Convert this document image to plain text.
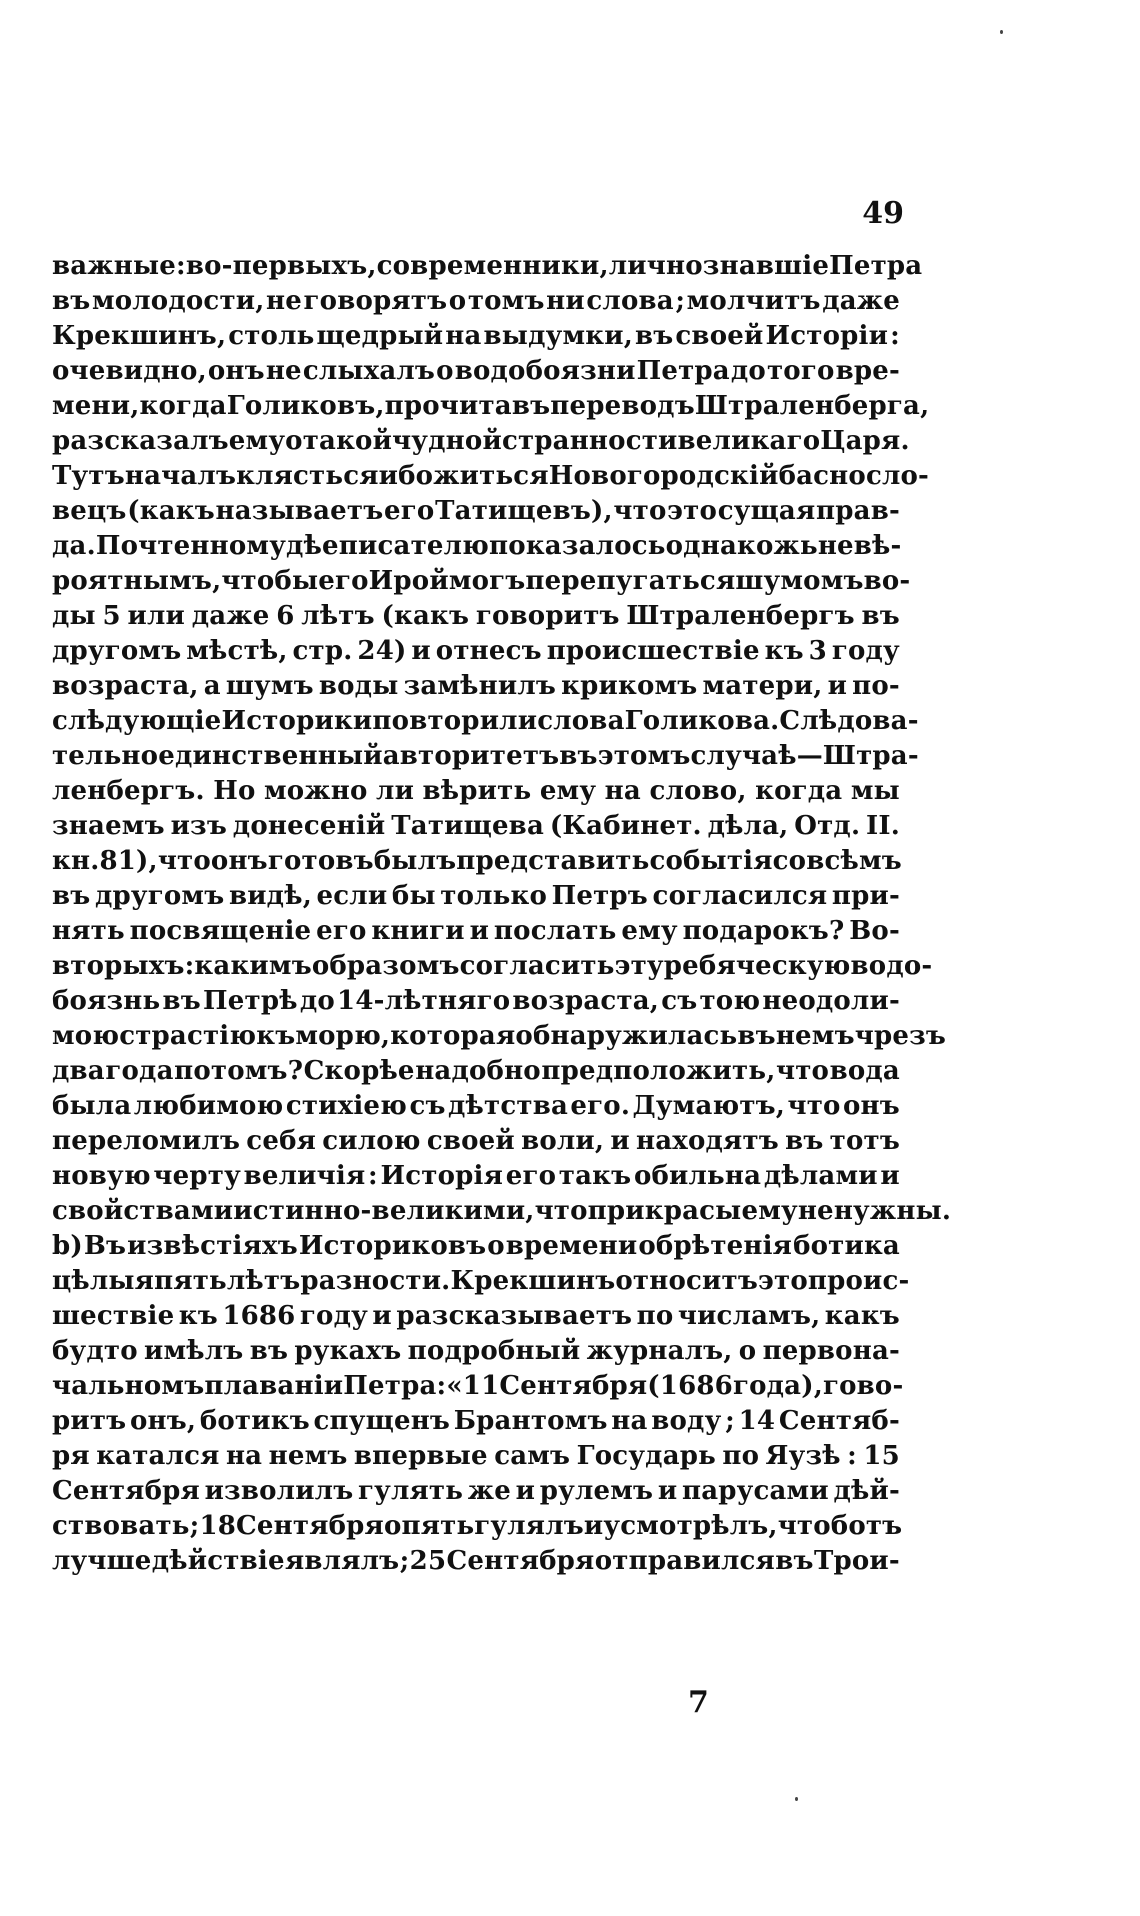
49
важные : во-первыхъ, современники, лично знавшіе Петра
въ молодости, не говорятъ о томъ ни слова ; молчитъ даже
Крекшинъ, столь щедрый на выдумки, въ своей Исторіи :
очевидно, онъ не слыхалъ о водобоязни Петра до того вре-
мени, когда Голиковъ, прочитавъ переводъ Штраленберга,
разсказалъ ему о такой чудной странности великаго Царя.
Тутъ началъ клясться и божиться Новогородскій баснослο-
вецъ (какъ называетъ его Татищевъ), что это сущая прав-
да. Почтенному дѣеписателю показалось однакожь невѣ-
роятнымъ, чтобы его Ирой могъ перепугаться шумомъ во-
ды 5 или даже 6 лѣтъ (какъ говоритъ Штраленбергъ въ
другомъ мѣстѣ, стр. 24) и отнесъ происшествіе къ 3 году
возраста, а шумъ воды замѣнилъ крикомъ матери, и по-
слѣдующіе Историки повторили слова Голикова. Слѣдова-
тельно единственный авторитетъ въ этомъ случаѣ— Штра-
ленбергъ. Но можно ли вѣрить ему на слово, когда мы
знаемъ изъ донесеній Татищева (Кабинет. дѣла, Отд. II.
кн. 81), что онъ готовъ былъ представить событія совсѣмъ
въ другомъ видѣ, если бы только Петръ согласился при-
нять посвященіе его книги и послать ему подарокъ? Во-
вторыхъ : какимъ образомъ согласить эту ребяческую водо-
боязнь въ Петрѣ до 14-лѣтняго возраста, съ тою неодоли-
мою страстію къ морю, которая обнаружилась въ немъ чрезъ
два года потомъ? Скорѣе надобно предположить, что вода
была любимою стихіею съ дѣтства его. Думаютъ, что онъ
переломилъ себя силою своей воли, и находятъ въ тотъ
новую черту величія : Исторія его такъ обильна дѣлами и
свойствами истинно-великими, что прикрасы ему не нужны.
b) Въ извѣстіяхъ Историковъ о времени обрѣтенія ботика
цѣлыя пять лѣтъ разности. Крекшинъ относитъ это проис-
шествіе къ 1686 году и разсказываетъ по числамъ, какъ
будто имѣлъ въ рукахъ подробный журналъ, о первона-
чальномъ плаваніи Петра : «11 Сентября (1686 года), гово-
ритъ онъ, ботикъ спущенъ Брантомъ на воду ; 14 Сентяб-
ря катался на немъ впервые самъ Государь по Яузѣ : 15
Сентября изволилъ гулять же и рулемъ и парусами дѣй-
ствовать ; 18 Сентября опять гулялъ и усмотрѣлъ, что ботъ
лучше дѣйствіе являлъ ; 25 Сентября отправился въ Трои-
7
